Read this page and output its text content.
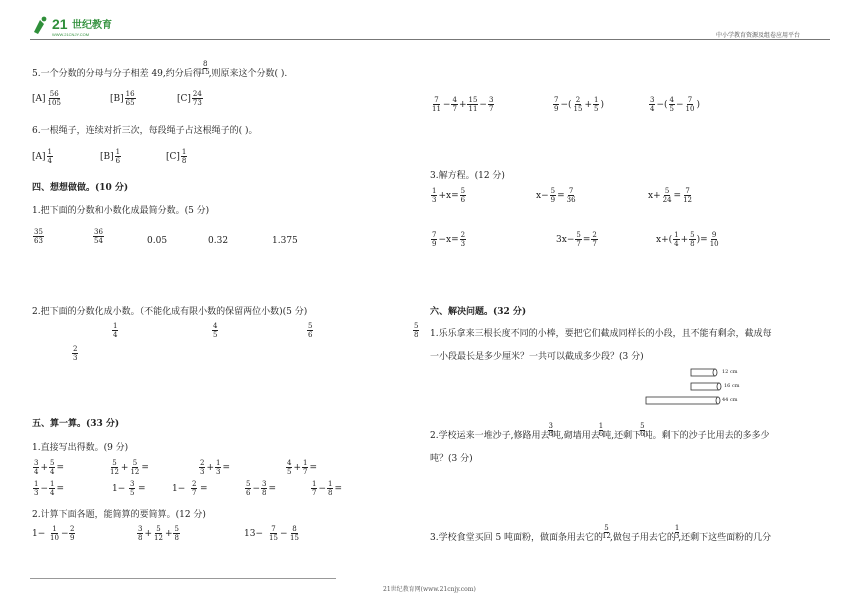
21 世纪教育
WWW.21CNJY.COM	中小学教育资源及组卷应用平台
5.一个分数的分母与分子相差 49,约分后得 $\frac{8}{15}$ ,则原来这个分数( ).
$[A] \frac{56}{105}$	$[B] \frac{16}{65}$	$[C] \frac{24}{73}$
6.一根绳子，连续对折三次，每段绳子占这根绳子的( )。
$[A] \frac{1}{4}$	$[B] \frac{1}{6}$	$[C] \frac{1}{8}$
四、想想做做。(10 分)
1.把下面的分数和小数化成最简分数。(5 分)
$\frac{35}{63}$	$\frac{36}{54}$	0.05	0.32	1.375
2.把下面的分数化成小数。（不能化成有限小数的保留两位小数)(5 分)
$\frac{1}{4}$	$\frac{4}{5}$	$\frac{5}{6}$	$\frac{5}{8}$
$\frac{2}{3}$
五、算一算。(33 分)
1.直接写出得数。(9 分)
$\frac{3}{4} + \frac{5}{4}$ =	$\frac{5}{12} + \frac{5}{12}$ =	$\frac{2}{3} + \frac{1}{3}$ =	$\frac{4}{5} + \frac{1}{7}$ =
$\frac{1}{3} - \frac{1}{4}$ =	$1- \frac{3}{5}$ =	$1- \frac{2}{7}$ =	$\frac{5}{6} - \frac{3}{8}$ =	$\frac{1}{7} - \frac{1}{8}$ =
2.计算下面各题，能简算的要简算。(12 分)
$1- \frac{1}{10} - \frac{2}{9}$	$\frac{3}{8} + \frac{5}{12} + \frac{5}{8}$	$13- \frac{7}{15} - \frac{8}{15}$
21世纪教育网(www.21cnjy.com)
$\frac{7}{11} - \frac{4}{7} + \frac{15}{11} - \frac{3}{7}$	$\frac{7}{9}$ −( $\frac{2}{15} + \frac{1}{5}$ )	$\frac{3}{4}$ −( $\frac{4}{5} - \frac{7}{10}$ )
3.解方程。(12 分)
$\frac{1}{3} +x= \frac{5}{6}$	$x- \frac{5}{9} = \frac{7}{36}$	$x+ \frac{5}{24} = \frac{7}{12}$
$\frac{7}{9} -x= \frac{2}{3}$	$3x- \frac{5}{7} = \frac{2}{7}$	$x+( \frac{1}{4} + \frac{5}{8}$ )= $\frac{9}{10}$
六、解决问题。(32 分)
1.乐乐拿来三根长度不同的小棒，要把它们截成同样长的小段，且不能有剩余，截成每
一小段最长是多少厘米？一共可以截成多少段？(3 分)
12 cm
16 cm
44 cm
2.学校运来一堆沙子,修路用去 $\frac{3}{8}$ 吨,砌墙用去 $\frac{1}{6}$ 吨,还剩下 $\frac{5}{6}$ 吨。剩下的沙子比用去的多多少
吨？(3 分)
3.学校食堂买回 5 吨面粉，做面条用去它的 $\frac{5}{12}$ ,做包子用去它的 $\frac{1}{3}$ ,还剩下这些面粉的几分
